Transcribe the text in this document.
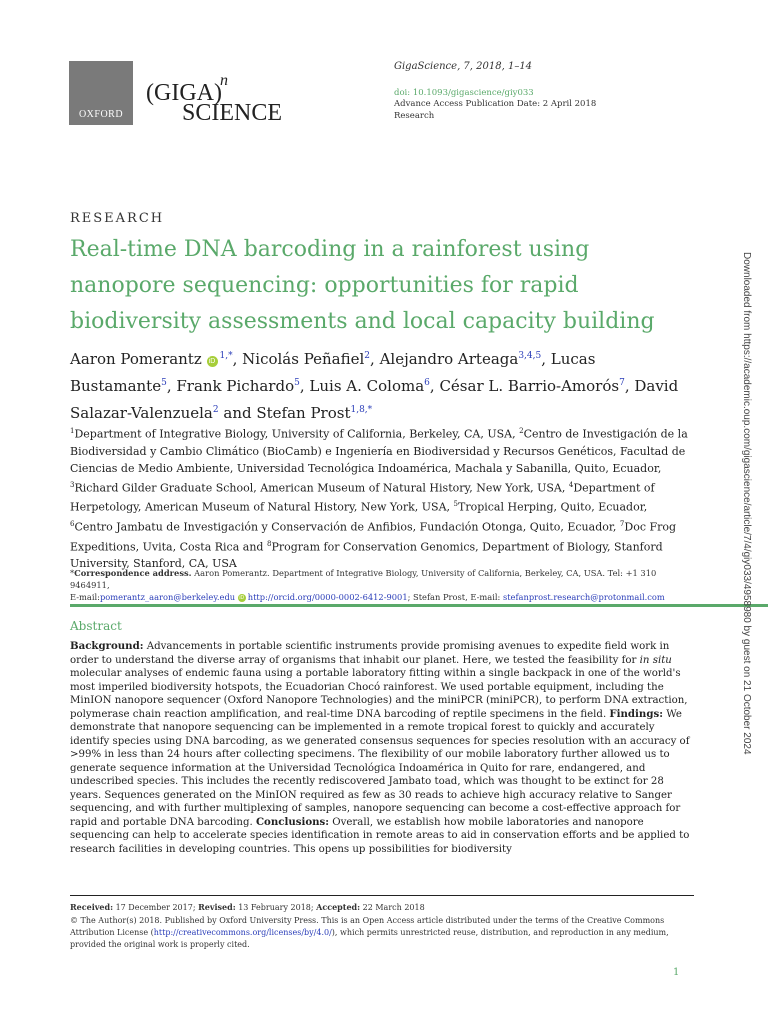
OXFORD
(GIGA)
n
SCIENCE
GigaScience, 7, 2018, 1–14
doi: 10.1093/gigascience/giy033
Advance Access Publication Date: 2 April 2018
Research
RESEARCH
Real-time DNA barcoding in a rainforest using nanopore sequencing: opportunities for rapid biodiversity assessments and local capacity building
Aaron Pomerantz $iD^{1,*}$, Nicolás Peñafiel$^2$, Alejandro Arteaga$^{3,4,5}$, Lucas Bustamante$^5$, Frank Pichardo$^5$, Luis A. Coloma$^6$, César L. Barrio-Amorós$^7$, David Salazar-Valenzuela$^2$ and Stefan Prost$^{1,8,*}$
$^1$Department of Integrative Biology, University of California, Berkeley, CA, USA, $^2$Centro de Investigación de la Biodiversidad y Cambio Climático (BioCamb) e Ingeniería en Biodiversidad y Recursos Genéticos, Facultad de Ciencias de Medio Ambiente, Universidad Tecnológica Indoamérica, Machala y Sabanilla, Quito, Ecuador, $^3$Richard Gilder Graduate School, American Museum of Natural History, New York, USA, $^4$Department of Herpetology, American Museum of Natural History, New York, USA, $^5$Tropical Herping, Quito, Ecuador, $^6$Centro Jambatu de Investigación y Conservación de Anfibios, Fundación Otonga, Quito, Ecuador, $^7$Doc Frog Expeditions, Uvita, Costa Rica and $^8$Program for Conservation Genomics, Department of Biology, Stanford University, Stanford, CA, USA
*Correspondence address. Aaron Pomerantz. Department of Integrative Biology, University of California, Berkeley, CA, USA. Tel: +1 310 9464911,
E-mail:pomerantz_aaron@berkeley.edu iD http://orcid.org/0000-0002-6412-9001; Stefan Prost, E-mail: stefanprost.research@protonmail.com
Abstract
Background: Advancements in portable scientific instruments provide promising avenues to expedite field work in order to understand the diverse array of organisms that inhabit our planet. Here, we tested the feasibility for in situ molecular analyses of endemic fauna using a portable laboratory fitting within a single backpack in one of the world's most imperiled biodiversity hotspots, the Ecuadorian Chocó rainforest. We used portable equipment, including the MinION nanopore sequencer (Oxford Nanopore Technologies) and the miniPCR (miniPCR), to perform DNA extraction, polymerase chain reaction amplification, and real-time DNA barcoding of reptile specimens in the field. Findings: We demonstrate that nanopore sequencing can be implemented in a remote tropical forest to quickly and accurately identify species using DNA barcoding, as we generated consensus sequences for species resolution with an accuracy of >99% in less than 24 hours after collecting specimens. The flexibility of our mobile laboratory further allowed us to generate sequence information at the Universidad Tecnológica Indoamérica in Quito for rare, endangered, and undescribed species. This includes the recently rediscovered Jambato toad, which was thought to be extinct for 28 years. Sequences generated on the MinION required as few as 30 reads to achieve high accuracy relative to Sanger sequencing, and with further multiplexing of samples, nanopore sequencing can become a cost-effective approach for rapid and portable DNA barcoding. Conclusions: Overall, we establish how mobile laboratories and nanopore sequencing can help to accelerate species identification in remote areas to aid in conservation efforts and be applied to research facilities in developing countries. This opens up possibilities for biodiversity
Received: 17 December 2017; Revised: 13 February 2018; Accepted: 22 March 2018
© The Author(s) 2018. Published by Oxford University Press. This is an Open Access article distributed under the terms of the Creative Commons Attribution License (http://creativecommons.org/licenses/by/4.0/), which permits unrestricted reuse, distribution, and reproduction in any medium, provided the original work is properly cited.
1
Downloaded from https://academic.oup.com/gigascience/article/7/4/giy033/4958980 by guest on 21 October 2024
